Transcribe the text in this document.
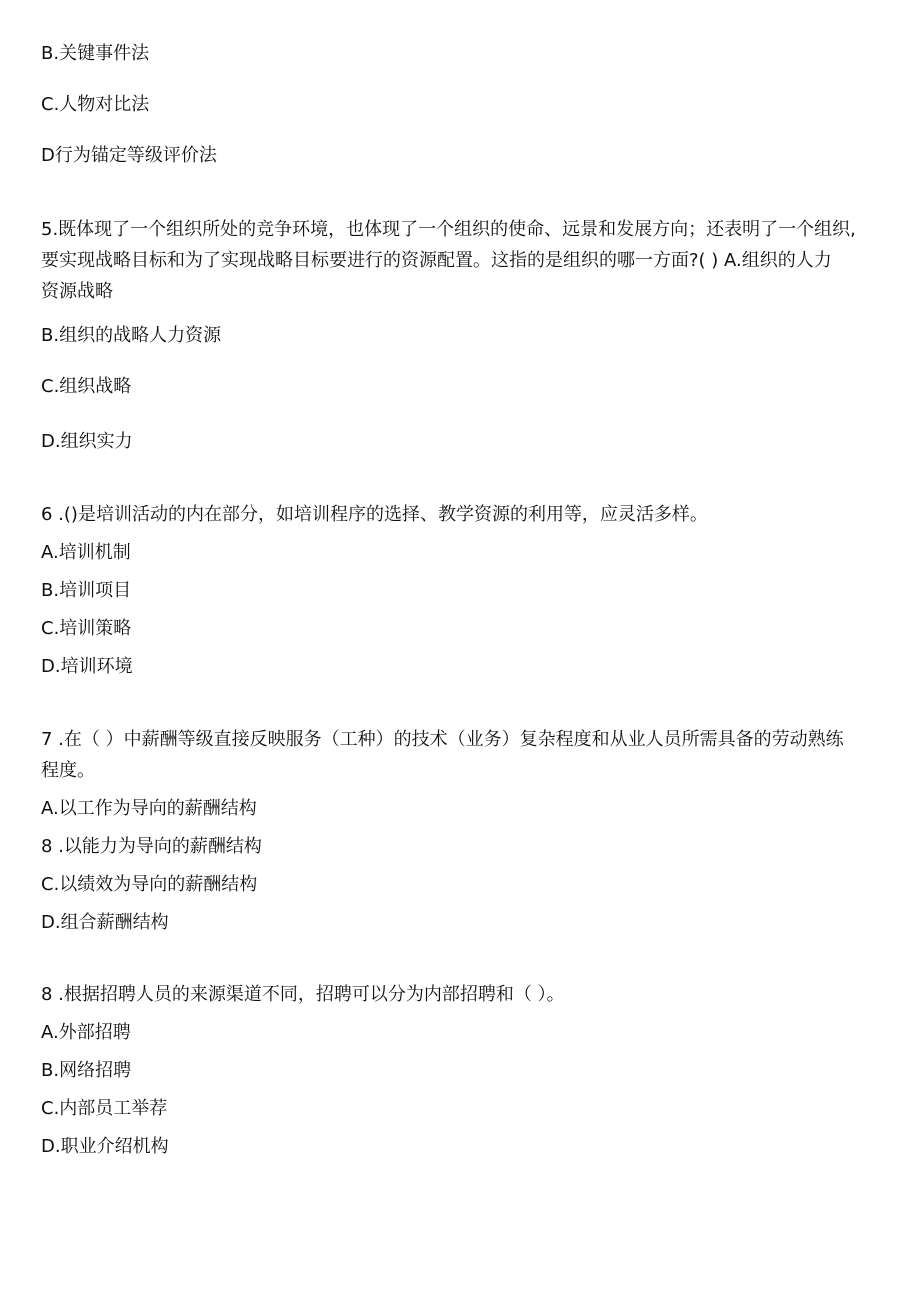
B.关键事件法

C.人物对比法

D行为锚定等级评价法

5.既体现了一个组织所处的竞争环境，也体现了一个组织的使命、远景和发展方向；还表明了一个组织,
要实现战略目标和为了实现战略目标要进行的资源配置。这指的是组织的哪一方面?( ) A.组织的人力
资源战略

B.组织的战略人力资源

C.组织战略

D.组织实力

6 .()是培训活动的内在部分，如培训程序的选择、教学资源的利用等，应灵活多样。

A.培训机制

B.培训项目

C.培训策略

D.培训环境

7 .在（ ）中薪酬等级直接反映服务（工种）的技术（业务）复杂程度和从业人员所需具备的劳动熟练
程度。

A.以工作为导向的薪酬结构

8 .以能力为导向的薪酬结构

C.以绩效为导向的薪酬结构

D.组合薪酬结构

8 .根据招聘人员的来源渠道不同，招聘可以分为内部招聘和（ ）。

A.外部招聘

B.网络招聘

C.内部员工举荐

D.职业介绍机构
